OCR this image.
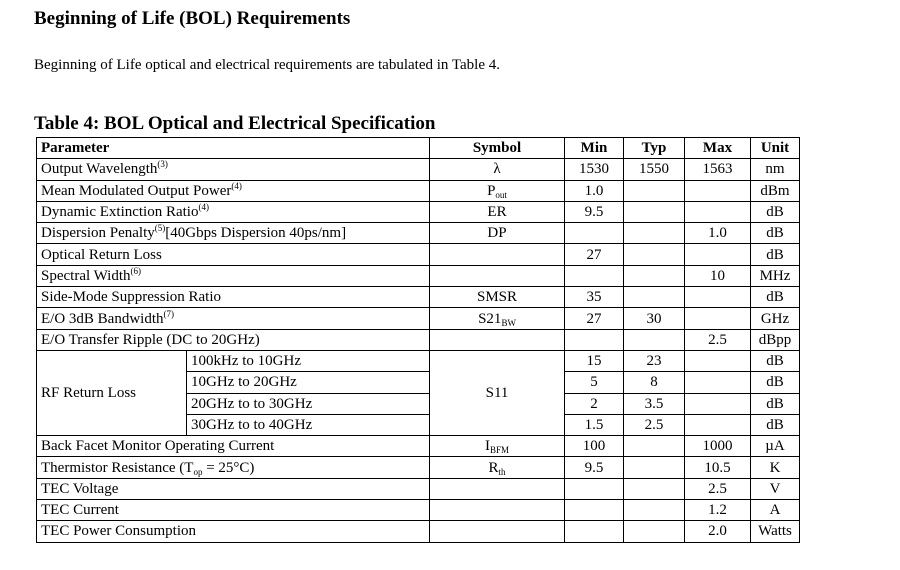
Beginning of Life (BOL) Requirements

Beginning of Life optical and electrical requirements are tabulated in Table 4.

Table 4: BOL Optical and Electrical Specification
Parameter		Symbol	Min	Typ	Max	Unit
Output Wavelength$^{(3)}$		λ	1530	1550	1563	nm
Mean Modulated Output Power$^{(4)}$		$P_{out}$	1.0			dBm
Dynamic Extinction Ratio$^{(4)}$		ER	9.5			dB
Dispersion Penalty$^{(5)}$[40Gbps Dispersion 40ps/nm]		DP			1.0	dB
Optical Return Loss			27			dB
Spectral Width$^{(6)}$					10	MHz
Side-Mode Suppression Ratio		SMSR	35			dB
E/O 3dB Bandwidth$^{(7)}$		$S21_{BW}$	27	30		GHz
E/O Transfer Ripple (DC to 20GHz)					2.5	dBpp
RF Return Loss	100kHz to 10GHz	S11	15	23		dB
	10GHz to 20GHz		5	8		dB
	20GHz to to 30GHz		2	3.5		dB
	30GHz to to 40GHz		1.5	2.5		dB
Back Facet Monitor Operating Current		$I_{BFM}$	100		1000	µA
Thermistor Resistance $(T_{op} = 25^\circ C)$		$R_{th}$	9.5		10.5	K
TEC Voltage					2.5	V
TEC Current					1.2	A
TEC Power Consumption					2.0	Watts
